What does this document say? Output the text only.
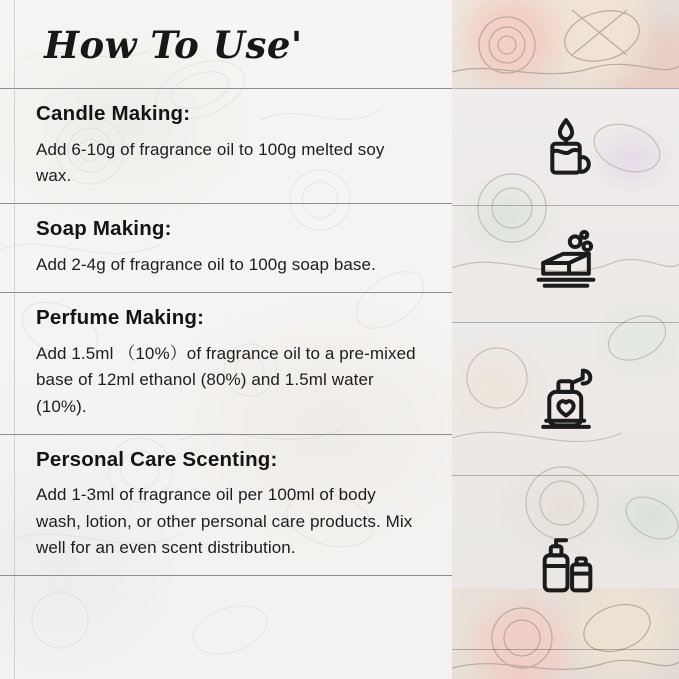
How To Use'
Candle Making:

Add 6-10g of fragrance oil to 100g melted soy wax.

Soap Making:

Add 2-4g of fragrance oil to 100g soap base.

Perfume Making:

Add 1.5ml （10%）of fragrance oil to a pre-mixed base of 12ml ethanol (80%) and 1.5ml water (10%).

Personal Care Scenting:

Add 1-3ml of fragrance oil per 100ml of body wash, lotion, or other personal care products. Mix well for an even scent distribution.
